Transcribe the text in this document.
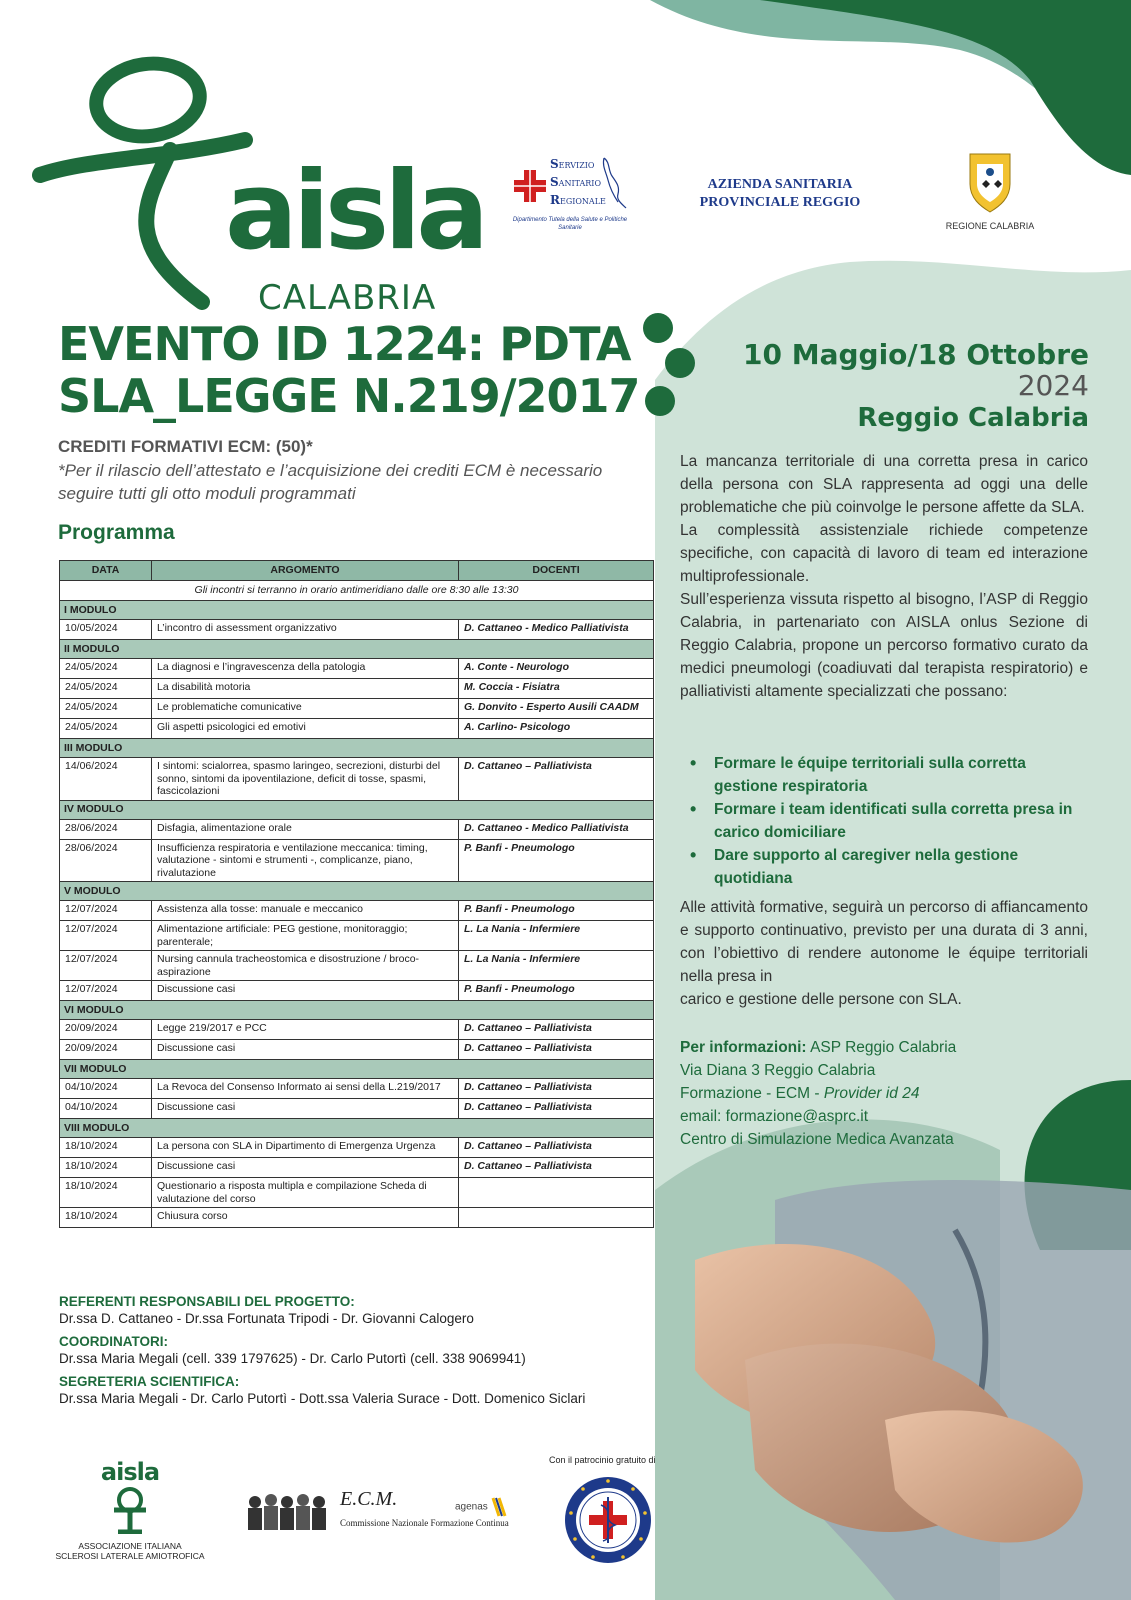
aisla
CALABRIA
SERVIZIO
SANITARIO
REGIONALE
Dipartimento Tutela della Salute e Politiche Sanitarie
AZIENDA SANITARIA
PROVINCIALE REGGIO
REGIONE CALABRIA
EVENTO ID 1224: PDTA
SLA_LEGGE N.219/2017
CREDITI FORMATIVI ECM: (50)*
*Per il rilascio dell’attestato e l’acquisizione dei crediti ECM è necessario seguire tutti gli otto moduli programmati
Programma
DATA	ARGOMENTO	DOCENTI
Gli incontri si terranno in orario antimeridiano dalle ore 8:30 alle 13:30		
I MODULO		
10/05/2024	L’incontro di assessment organizzativo	D. Cattaneo - Medico Palliativista
II MODULO		
24/05/2024	La diagnosi e l’ingravescenza della patologia	A. Conte - Neurologo
24/05/2024	La disabilità motoria	M. Coccia - Fisiatra
24/05/2024	Le problematiche comunicative	G. Donvito - Esperto Ausili CAADM
24/05/2024	Gli aspetti psicologici ed emotivi	A. Carlino- Psicologo
III MODULO		
14/06/2024	I sintomi: scialorrea, spasmo laringeo, secrezioni, disturbi del sonno, sintomi da ipoventilazione, deficit di tosse, spasmi, fascicolazioni	D. Cattaneo – Palliativista
IV MODULO		
28/06/2024	Disfagia, alimentazione orale	D. Cattaneo - Medico Palliativista
28/06/2024	Insufficienza respiratoria e ventilazione meccanica: timing, valutazione - sintomi e strumenti -, complicanze, piano, rivalutazione	P. Banfi - Pneumologo
V MODULO		
12/07/2024	Assistenza alla tosse: manuale e meccanico	P. Banfi - Pneumologo
12/07/2024	Alimentazione artificiale: PEG gestione, monitoraggio; parenterale;	L. La Nania - Infermiere
12/07/2024	Nursing cannula tracheostomica e disostruzione / broco-aspirazione	L. La Nania - Infermiere
12/07/2024	Discussione casi	P. Banfi - Pneumologo
VI MODULO		
20/09/2024	Legge 219/2017 e PCC	D. Cattaneo – Palliativista
20/09/2024	Discussione casi	D. Cattaneo – Palliativista
VII MODULO		
04/10/2024	La Revoca del Consenso Informato ai sensi della L.219/2017	D. Cattaneo – Palliativista
04/10/2024	Discussione casi	D. Cattaneo – Palliativista
VIII MODULO		
18/10/2024	La persona con SLA in Dipartimento di Emergenza Urgenza	D. Cattaneo – Palliativista
18/10/2024	Discussione casi	D. Cattaneo – Palliativista
18/10/2024	Questionario a risposta multipla e compilazione Scheda di valutazione del corso	
18/10/2024	Chiusura corso	
10 Maggio/18 Ottobre
2024
Reggio Calabria

La mancanza territoriale di una corretta presa in carico della persona con SLA rappresenta ad oggi una delle problematiche che più coinvolge le persone affette da SLA.

La complessità assistenziale richiede competenze specifiche, con capacità di lavoro di team ed interazione multiprofessionale.

Sull’esperienza vissuta rispetto al bisogno, l’ASP di Reggio Calabria, in partenariato con AISLA onlus Sezione di Reggio Calabria, propone un percorso formativo curato da medici pneumologi (coadiuvati dal terapista respiratorio) e palliativisti altamente specializzati che possano:

• Formare le équipe territoriali sulla corretta gestione respiratoria
• Formare i team identificati sulla corretta presa in carico domiciliare
• Dare supporto al caregiver nella gestione quotidiana

Alle attività formative, seguirà un percorso di affiancamento e supporto continuativo, previsto per una durata di 3 anni, con l’obiettivo di rendere autonome le équipe territoriali nella presa in

carico e gestione delle persone con SLA.

Per informazioni: ASP Reggio Calabria
Via Diana 3 Reggio Calabria
Formazione - ECM - Provider id 24
email: formazione@asprc.it
Centro di Simulazione Medica Avanzata
REFERENTI RESPONSABILI DEL PROGETTO:
Dr.ssa D. Cattaneo - Dr.ssa Fortunata Tripodi - Dr. Giovanni Calogero
COORDINATORI:
Dr.ssa Maria Megali (cell. 339 1797625) - Dr. Carlo Putortì (cell. 338 9069941)
SEGRETERIA SCIENTIFICA:
Dr.ssa Maria Megali - Dr. Carlo Putortì - Dott.ssa Valeria Surace - Dott. Domenico Siclari
aisla
ASSOCIAZIONE ITALIANA
SCLEROSI LATERALE AMIOTROFICA
E.C.M.
Commissione Nazionale Formazione Continua
agenas
Con il patrocinio gratuito di
